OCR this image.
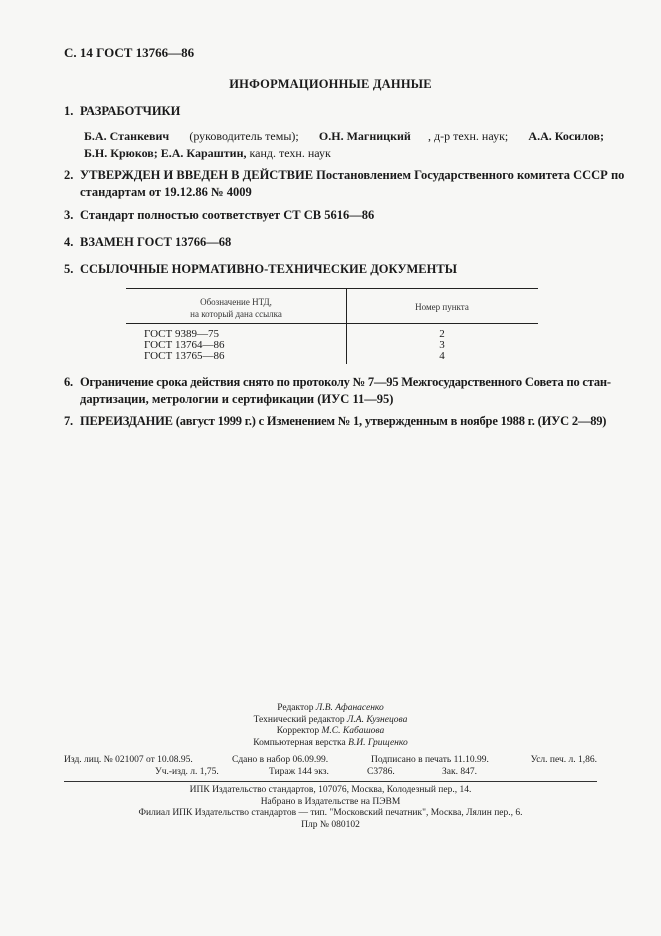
С. 14 ГОСТ 13766—86
ИНФОРМАЦИОННЫЕ ДАННЫЕ
1. РАЗРАБОТЧИКИ
Б.А. Станкевич (руководитель темы); О.Н. Магницкий , д-р техн. наук; А.А. Косилов;
Б.Н. Крюков; Е.А. Караштин, канд. техн. наук
2. УТВЕРЖДЕН И ВВЕДЕН В ДЕЙСТВИЕ Постановлением Государственного комитета СССР по
стандартам от 19.12.86 № 4009
3. Стандарт полностью соответствует СТ СВ 5616—86
4. ВЗАМЕН ГОСТ 13766—68
5. ССЫЛОЧНЫЕ НОРМАТИВНО-ТЕХНИЧЕСКИЕ ДОКУМЕНТЫ
Обозначение НТД,
на который дана ссылка
Номер пункта
ГОСТ 9389—75	2
ГОСТ 13764—86	3
ГОСТ 13765—86	4
6. Ограничение срока действия снято по протоколу № 7—95 Межгосударственного Совета по стан-
дартизации, метрологии и сертификации (ИУС 11—95)
7. ПЕРЕИЗДАНИЕ (август 1999 г.) с Изменением № 1, утвержденным в ноябре 1988 г. (ИУС 2—89)
Редактор Л.В. Афанасенко
Технический редактор Л.А. Кузнецова
Корректор М.С. Кабашова
Компьютерная верстка В.И. Грищенко
Изд. лиц. № 021007 от 10.08.95.	Сдано в набор 06.09.99.	Подписано в печать 11.10.99.	Усл. печ. л. 1,86.
Уч.-изд. л. 1,75.	Тираж 144 экз.	С3786.	Зак. 847.
ИПК Издательство стандартов, 107076, Москва, Колодезный пер., 14.
Набрано в Издательстве на ПЭВМ
Филиал ИПК Издательство стандартов — тип. "Московский печатник", Москва, Лялин пер., 6.
Плр № 080102
